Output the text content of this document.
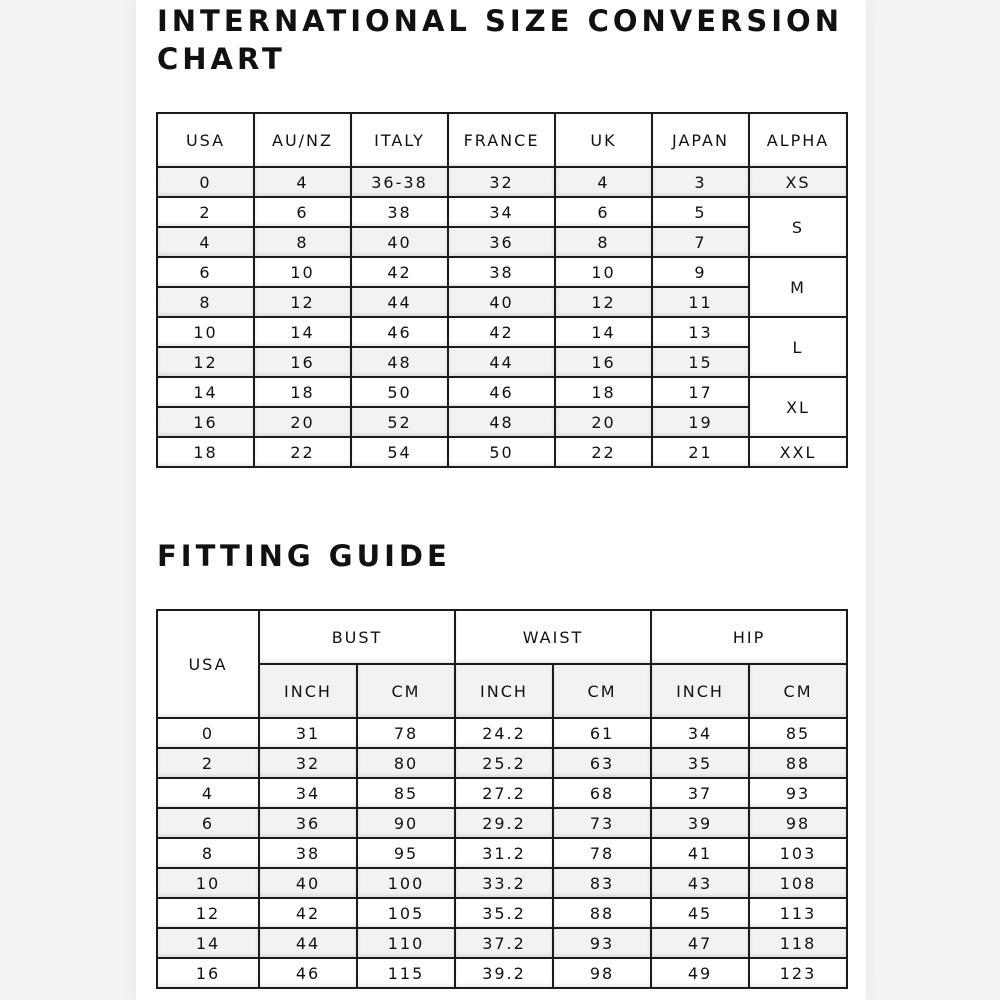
INTERNATIONAL SIZE CONVERSION CHART
USA	AU/NZ	ITALY	FRANCE	UK	JAPAN	ALPHA
0	4	36-38	32	4	3	XS
2	6	38	34	6	5	S
4	8	40	36	8	7	
6	10	42	38	10	9	M
8	12	44	40	12	11	
10	14	46	42	14	13	L
12	16	48	44	16	15	
14	18	50	46	18	17	XL
16	20	52	48	20	19	
18	22	54	50	22	21	XXL
FITTING GUIDE
USA	BUST		WAIST		HIP	
	INCH	CM	INCH	CM	INCH	CM
0	31	78	24.2	61	34	85
2	32	80	25.2	63	35	88
4	34	85	27.2	68	37	93
6	36	90	29.2	73	39	98
8	38	95	31.2	78	41	103
10	40	100	33.2	83	43	108
12	42	105	35.2	88	45	113
14	44	110	37.2	93	47	118
16	46	115	39.2	98	49	123
